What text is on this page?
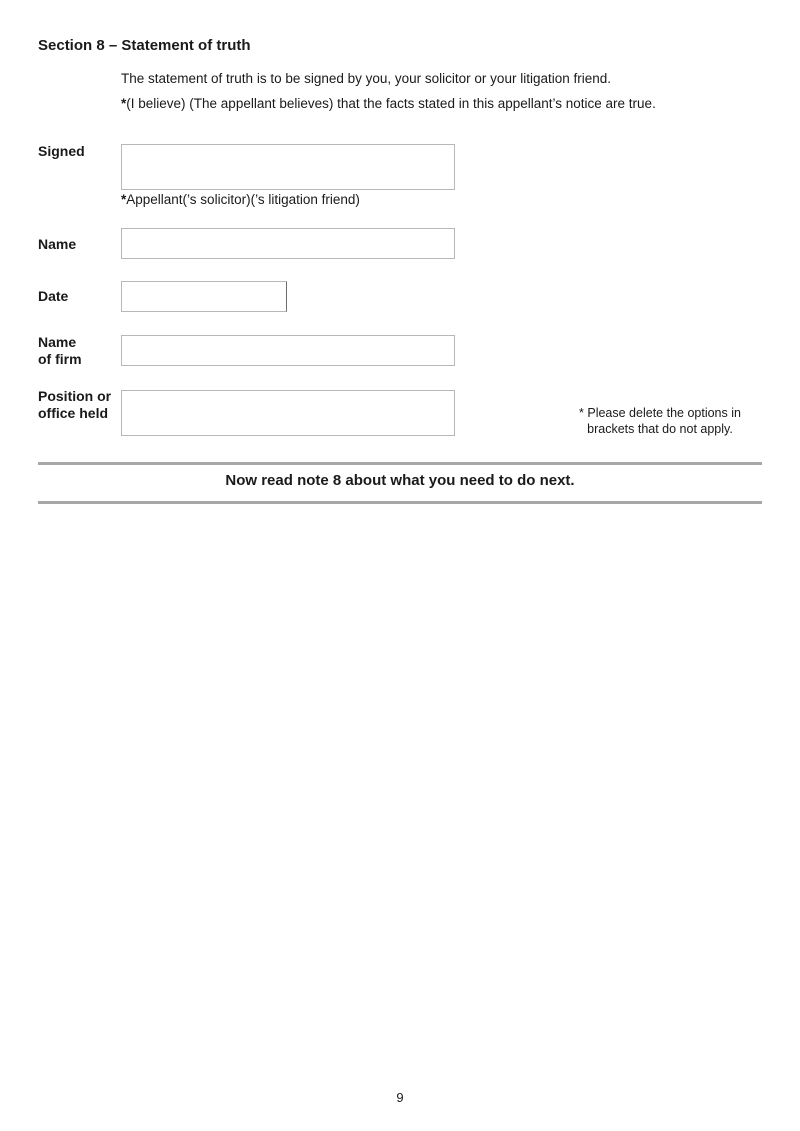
Section 8 – Statement of truth
The statement of truth is to be signed by you, your solicitor or your litigation friend.
*(I believe) (The appellant believes) that the facts stated in this appellant’s notice are true.
Signed
*Appellant(’s solicitor)(’s litigation friend)
Name
Date
Name
of firm
Position or
office held	* Please delete the options in
brackets that do not apply.
Now read note 8 about what you need to do next.
9
